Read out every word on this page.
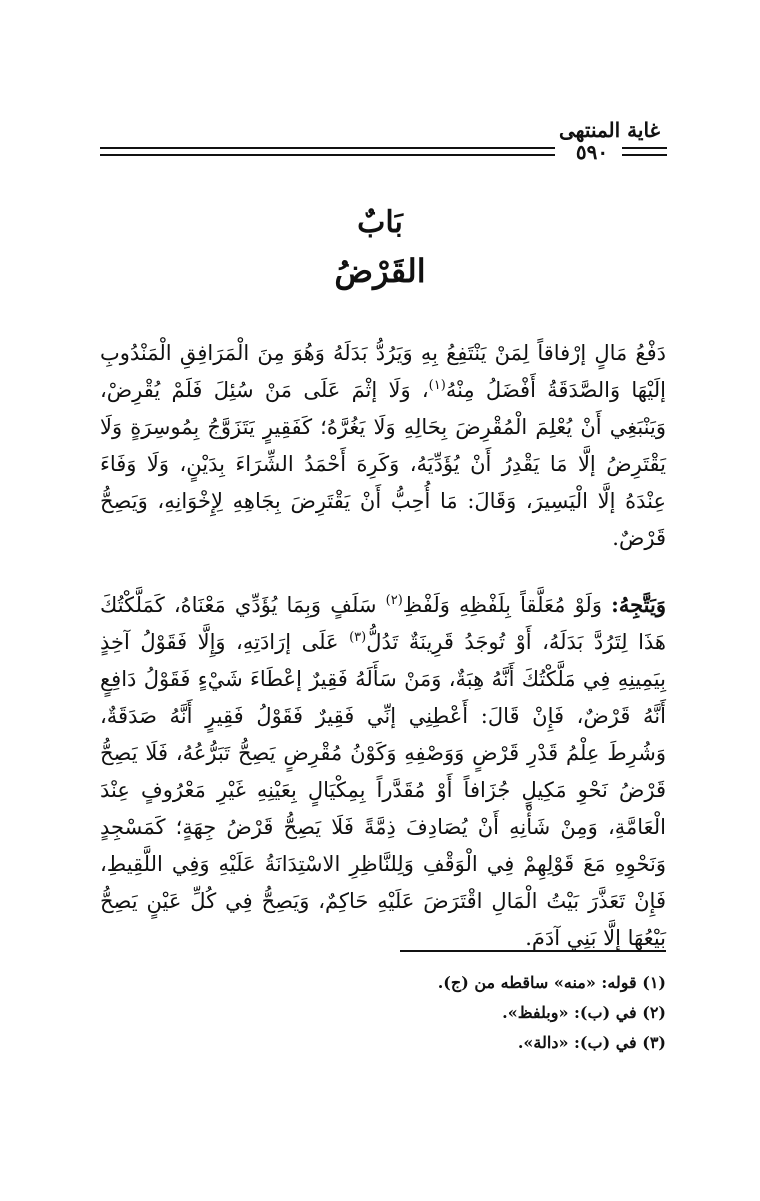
غاية المنتهى
٥٩٠
بَابٌ
القَرْضُ
دَفْعُ مَالٍ إرْفاقاً لِمَنْ يَنْتَفِعُ بِهِ وَيَرُدُّ بَدَلَهُ وَهُوَ مِنَ الْمَرَافِقِ الْمَنْدُوبِ إلَيْهَا وَالصَّدَقَةُ أَفْضَلُ مِنْهُ$^{(١)}$، وَلَا إثْمَ عَلَى مَنْ سُئِلَ فَلَمْ يُقْرِضْ، وَيَنْبَغِي أَنْ يُعْلِمَ الْمُقْرِضَ بِحَالِهِ وَلَا يَغُرَّهُ؛ كَفَقِيرٍ يَتَزَوَّجُ بِمُوسِرَةٍ وَلَا يَقْتَرِضُ إلَّا مَا يَقْدِرُ أَنْ يُؤَدِّيَهُ، وَكَرِهَ أَحْمَدُ الشِّرَاءَ بِدَيْنٍ، وَلَا وَفَاءَ عِنْدَهُ إلَّا الْيَسِيرَ، وَقَالَ: مَا أُحِبُّ أَنْ يَقْتَرِضَ بِجَاهِهِ لِإِخْوَانِهِ، وَيَصِحُّ قَرْضٌ.
وَيَتَّجِهُ: وَلَوْ مُعَلَّقاً بِلَفْظِهِ وَلَفْظِ$^{(٢)}$ سَلَفٍ وَبِمَا يُؤَدِّي مَعْنَاهُ، كَمَلَّكْتُكَ هَذَا لِتَرُدَّ بَدَلَهُ، أَوْ تُوجَدُ قَرِينَةٌ تَدُلُّ$^{(٣)}$ عَلَى إرَادَتِهِ، وَإِلَّا فَقَوْلُ آخِذٍ بِيَمِينِهِ فِي مَلَّكْتُكَ أَنَّهُ هِبَةٌ، وَمَنْ سَأَلَهُ فَقِيرٌ إعْطَاءَ شَيْءٍ فَقَوْلُ دَافِعٍ أَنَّهُ قَرْضٌ، فَإِنْ قَالَ: أَعْطِنِي إنِّي فَقِيرٌ فَقَوْلُ فَقِيرٍ أَنَّهُ صَدَقَةٌ، وَشُرِطَ عِلْمُ قَدْرِ قَرْضٍ وَوَصْفِهِ وَكَوْنُ مُقْرِضٍ يَصِحُّ تَبَرُّعُهُ، فَلَا يَصِحُّ قَرْضُ نَحْوِ مَكِيلٍ جُزَافاً أَوْ مُقَدَّراً بِمِكْيَالٍ بِعَيْنِهِ غَيْرِ مَعْرُوفٍ عِنْدَ الْعَامَّةِ، وَمِنْ شَأْنِهِ أَنْ يُصَادِفَ ذِمَّةً فَلَا يَصِحُّ قَرْضُ جِهَةٍ؛ كَمَسْجِدٍ وَنَحْوِهِ مَعَ قَوْلِهِمْ فِي الْوَقْفِ وَلِلنَّاظِرِ الاسْتِدَانَةُ عَلَيْهِ وَفِي اللَّقِيطِ، فَإِنْ تَعَذَّرَ بَيْتُ الْمَالِ اقْتَرَضَ عَلَيْهِ حَاكِمٌ، وَيَصِحُّ فِي كُلِّ عَيْنٍ يَصِحُّ بَيْعُهَا إلَّا بَنِي آدَمَ.
(١) قوله: «منه» ساقطه من (ج).
(٢) في (ب): «وبلفظ».
(٣) في (ب): «دالة».
